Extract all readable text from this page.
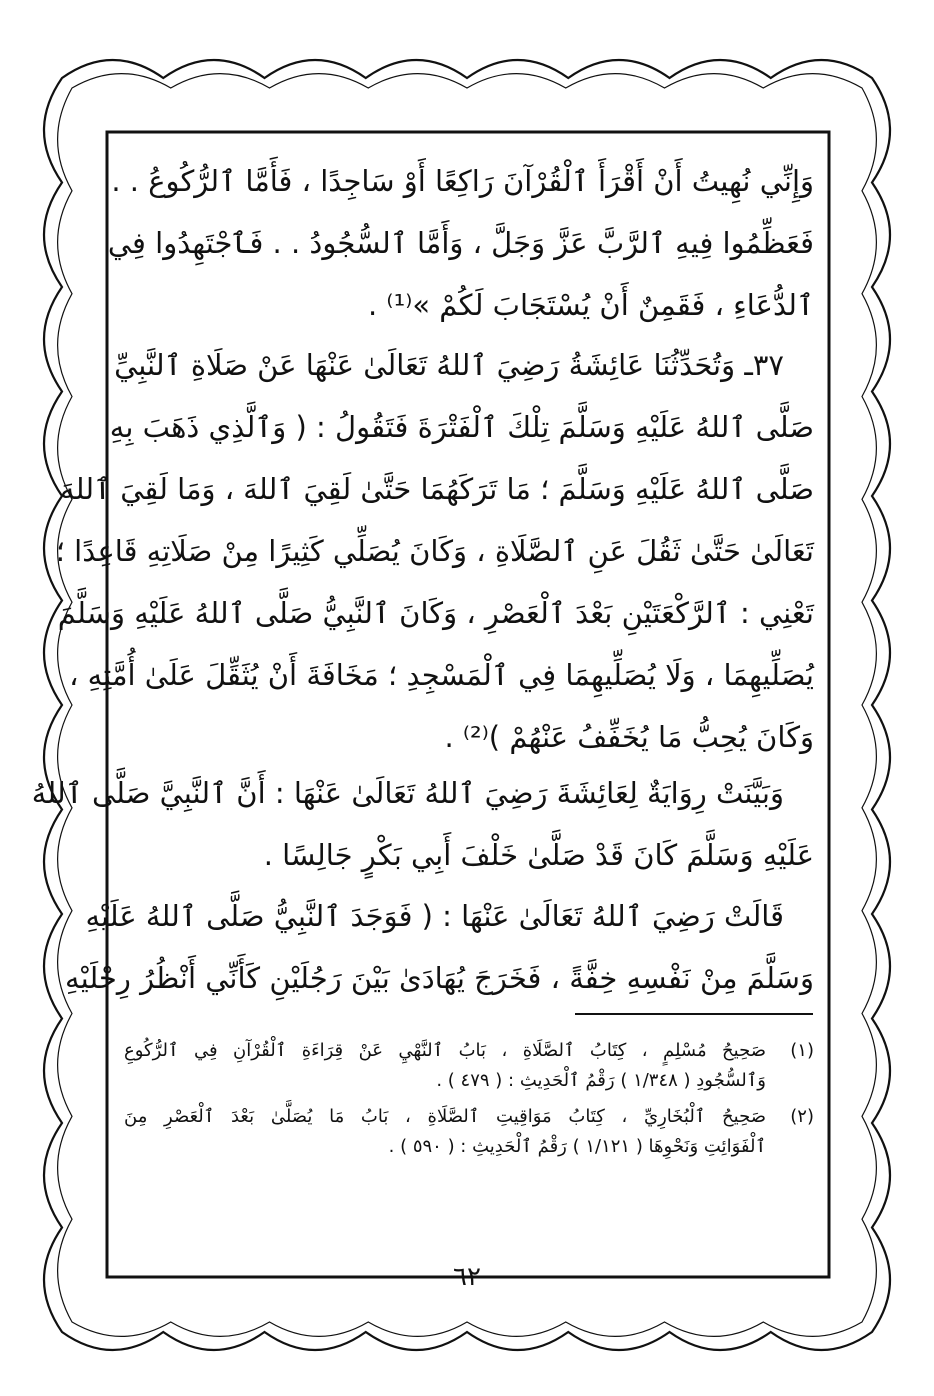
وَإِنِّي نُهِيتُ أَنْ أَقْرَأَ ٱلْقُرْآنَ رَاكِعًا أَوْ سَاجِدًا ، فَأَمَّا ٱلرُّكُوعُ . .

فَعَظِّمُوا فِيهِ ٱلرَّبَّ عَزَّ وَجَلَّ ، وَأَمَّا ٱلسُّجُودُ . . فَٱجْتَهِدُوا فِي

ٱلدُّعَاءِ ، فَقَمِنٌ أَنْ يُسْتَجَابَ لَكُمْ »⁽¹⁾ .

٣٧ـ وَتُحَدِّثُنَا عَائِشَةُ رَضِيَ ٱللهُ تَعَالَىٰ عَنْهَا عَنْ صَلَاةِ ٱلنَّبِيِّ

صَلَّى ٱللهُ عَلَيْهِ وَسَلَّمَ تِلْكَ ٱلْفَتْرَةَ فَتَقُولُ : ( وَٱلَّذِي ذَهَبَ بِهِ

صَلَّى ٱللهُ عَلَيْهِ وَسَلَّمَ ؛ مَا تَرَكَهُمَا حَتَّىٰ لَقِيَ ٱللهَ ، وَمَا لَقِيَ ٱللهَ

تَعَالَىٰ حَتَّىٰ ثَقُلَ عَنِ ٱلصَّلَاةِ ، وَكَانَ يُصَلِّي كَثِيرًا مِنْ صَلَاتِهِ قَاعِدًا ؛

تَعْنِي : ٱلرَّكْعَتَيْنِ بَعْدَ ٱلْعَصْرِ ، وَكَانَ ٱلنَّبِيُّ صَلَّى ٱللهُ عَلَيْهِ وَسَلَّمَ

يُصَلِّيهِمَا ، وَلَا يُصَلِّيهِمَا فِي ٱلْمَسْجِدِ ؛ مَخَافَةَ أَنْ يُثَقِّلَ عَلَىٰ أُمَّتِهِ ،

وَكَانَ يُحِبُّ مَا يُخَفِّفُ عَنْهُمْ )⁽²⁾ .

وَبَيَّنَتْ رِوَايَةٌ لِعَائِشَةَ رَضِيَ ٱللهُ تَعَالَىٰ عَنْهَا : أَنَّ ٱلنَّبِيَّ صَلَّى ٱللهُ

عَلَيْهِ وَسَلَّمَ كَانَ قَدْ صَلَّىٰ خَلْفَ أَبِي بَكْرٍ جَالِسًا .

قَالَتْ رَضِيَ ٱللهُ تَعَالَىٰ عَنْهَا : ( فَوَجَدَ ٱلنَّبِيُّ صَلَّى ٱللهُ عَلَيْهِ

وَسَلَّمَ مِنْ نَفْسِهِ خِفَّةً ، فَخَرَجَ يُهَادَىٰ بَيْنَ رَجُلَيْنِ كَأَنِّي أَنْظُرُ رِجْلَيْهِ

(١)
صَحِيحُ مُسْلِمٍ ، كِتَابُ ٱلصَّلَاةِ ، بَابُ ٱلنَّهْيِ عَنْ قِرَاءَةِ ٱلْقُرْآنِ فِي ٱلرُّكُوعِ
وَٱلسُّجُودِ ( ١/٣٤٨ ) رَقْمُ ٱلْحَدِيثِ : ( ٤٧٩ ) .
(٢)
صَحِيحُ ٱلْبُخَارِيِّ ، كِتَابُ مَوَاقِيتِ ٱلصَّلَاةِ ، بَابُ مَا يُصَلَّىٰ بَعْدَ ٱلْعَصْرِ مِنَ
ٱلْفَوَائِتِ وَنَحْوِهَا ( ١/١٢١ ) رَقْمُ ٱلْحَدِيثِ : ( ٥٩٠ ) .
٦٢
